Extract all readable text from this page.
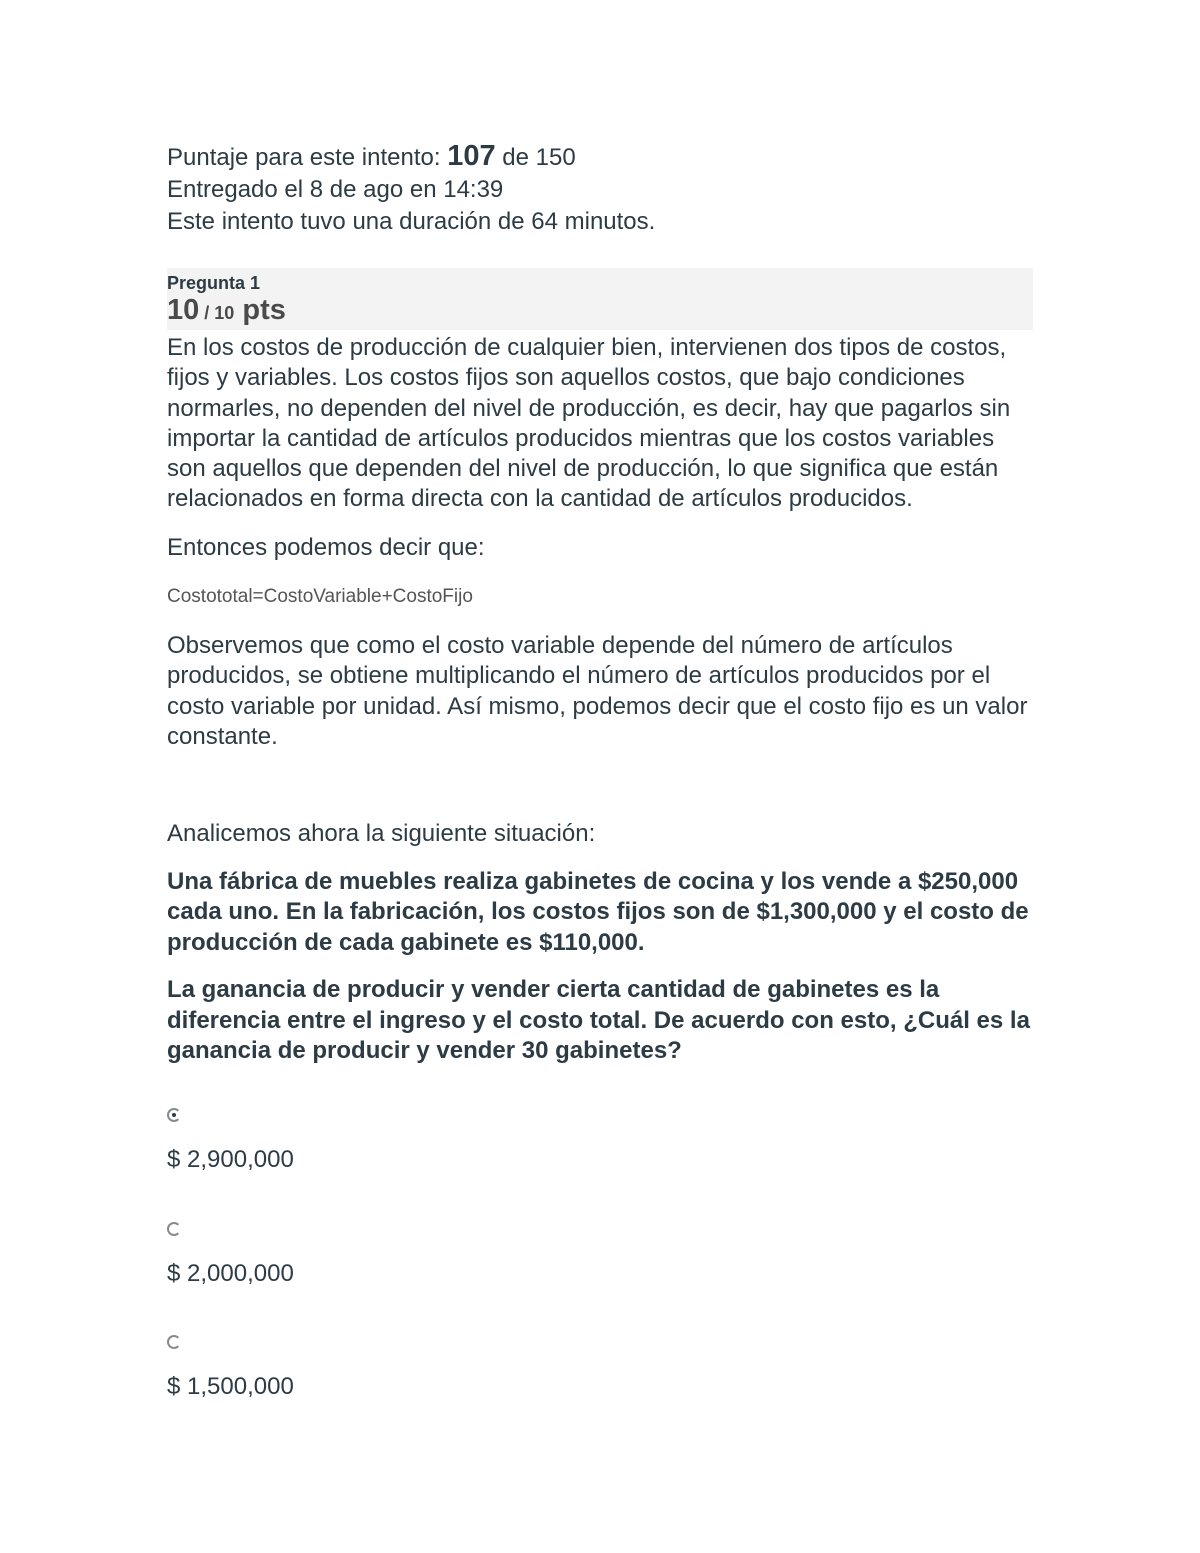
Puntaje para este intento: 107 de 150
Entregado el 8 de ago en 14:39
Este intento tuvo una duración de 64 minutos.
Pregunta 1
10 / 10 pts

En los costos de producción de cualquier bien, intervienen dos tipos de costos, fijos y variables. Los costos fijos son aquellos costos, que bajo condiciones normarles, no dependen del nivel de producción, es decir, hay que pagarlos sin importar la cantidad de artículos producidos mientras que los costos variables son aquellos que dependen del nivel de producción, lo que significa que están relacionados en forma directa con la cantidad de artículos producidos.

Entonces podemos decir que:

Costototal=CostoVariable+CostoFijo

Observemos que como el costo variable depende del número de artículos producidos, se obtiene multiplicando el número de artículos producidos por el costo variable por unidad. Así mismo, podemos decir que el costo fijo es un valor constante.

Analicemos ahora la siguiente situación:

Una fábrica de muebles realiza gabinetes de cocina y los vende a $250,000 cada uno. En la fabricación, los costos fijos son de $1,300,000 y el costo de producción de cada gabinete es $110,000.

La ganancia de producir y vender cierta cantidad de gabinetes es la diferencia entre el ingreso y el costo total. De acuerdo con esto, ¿Cuál es la ganancia de producir y vender 30 gabinetes?

$ 2,900,000
$ 2,000,000
$ 1,500,000
